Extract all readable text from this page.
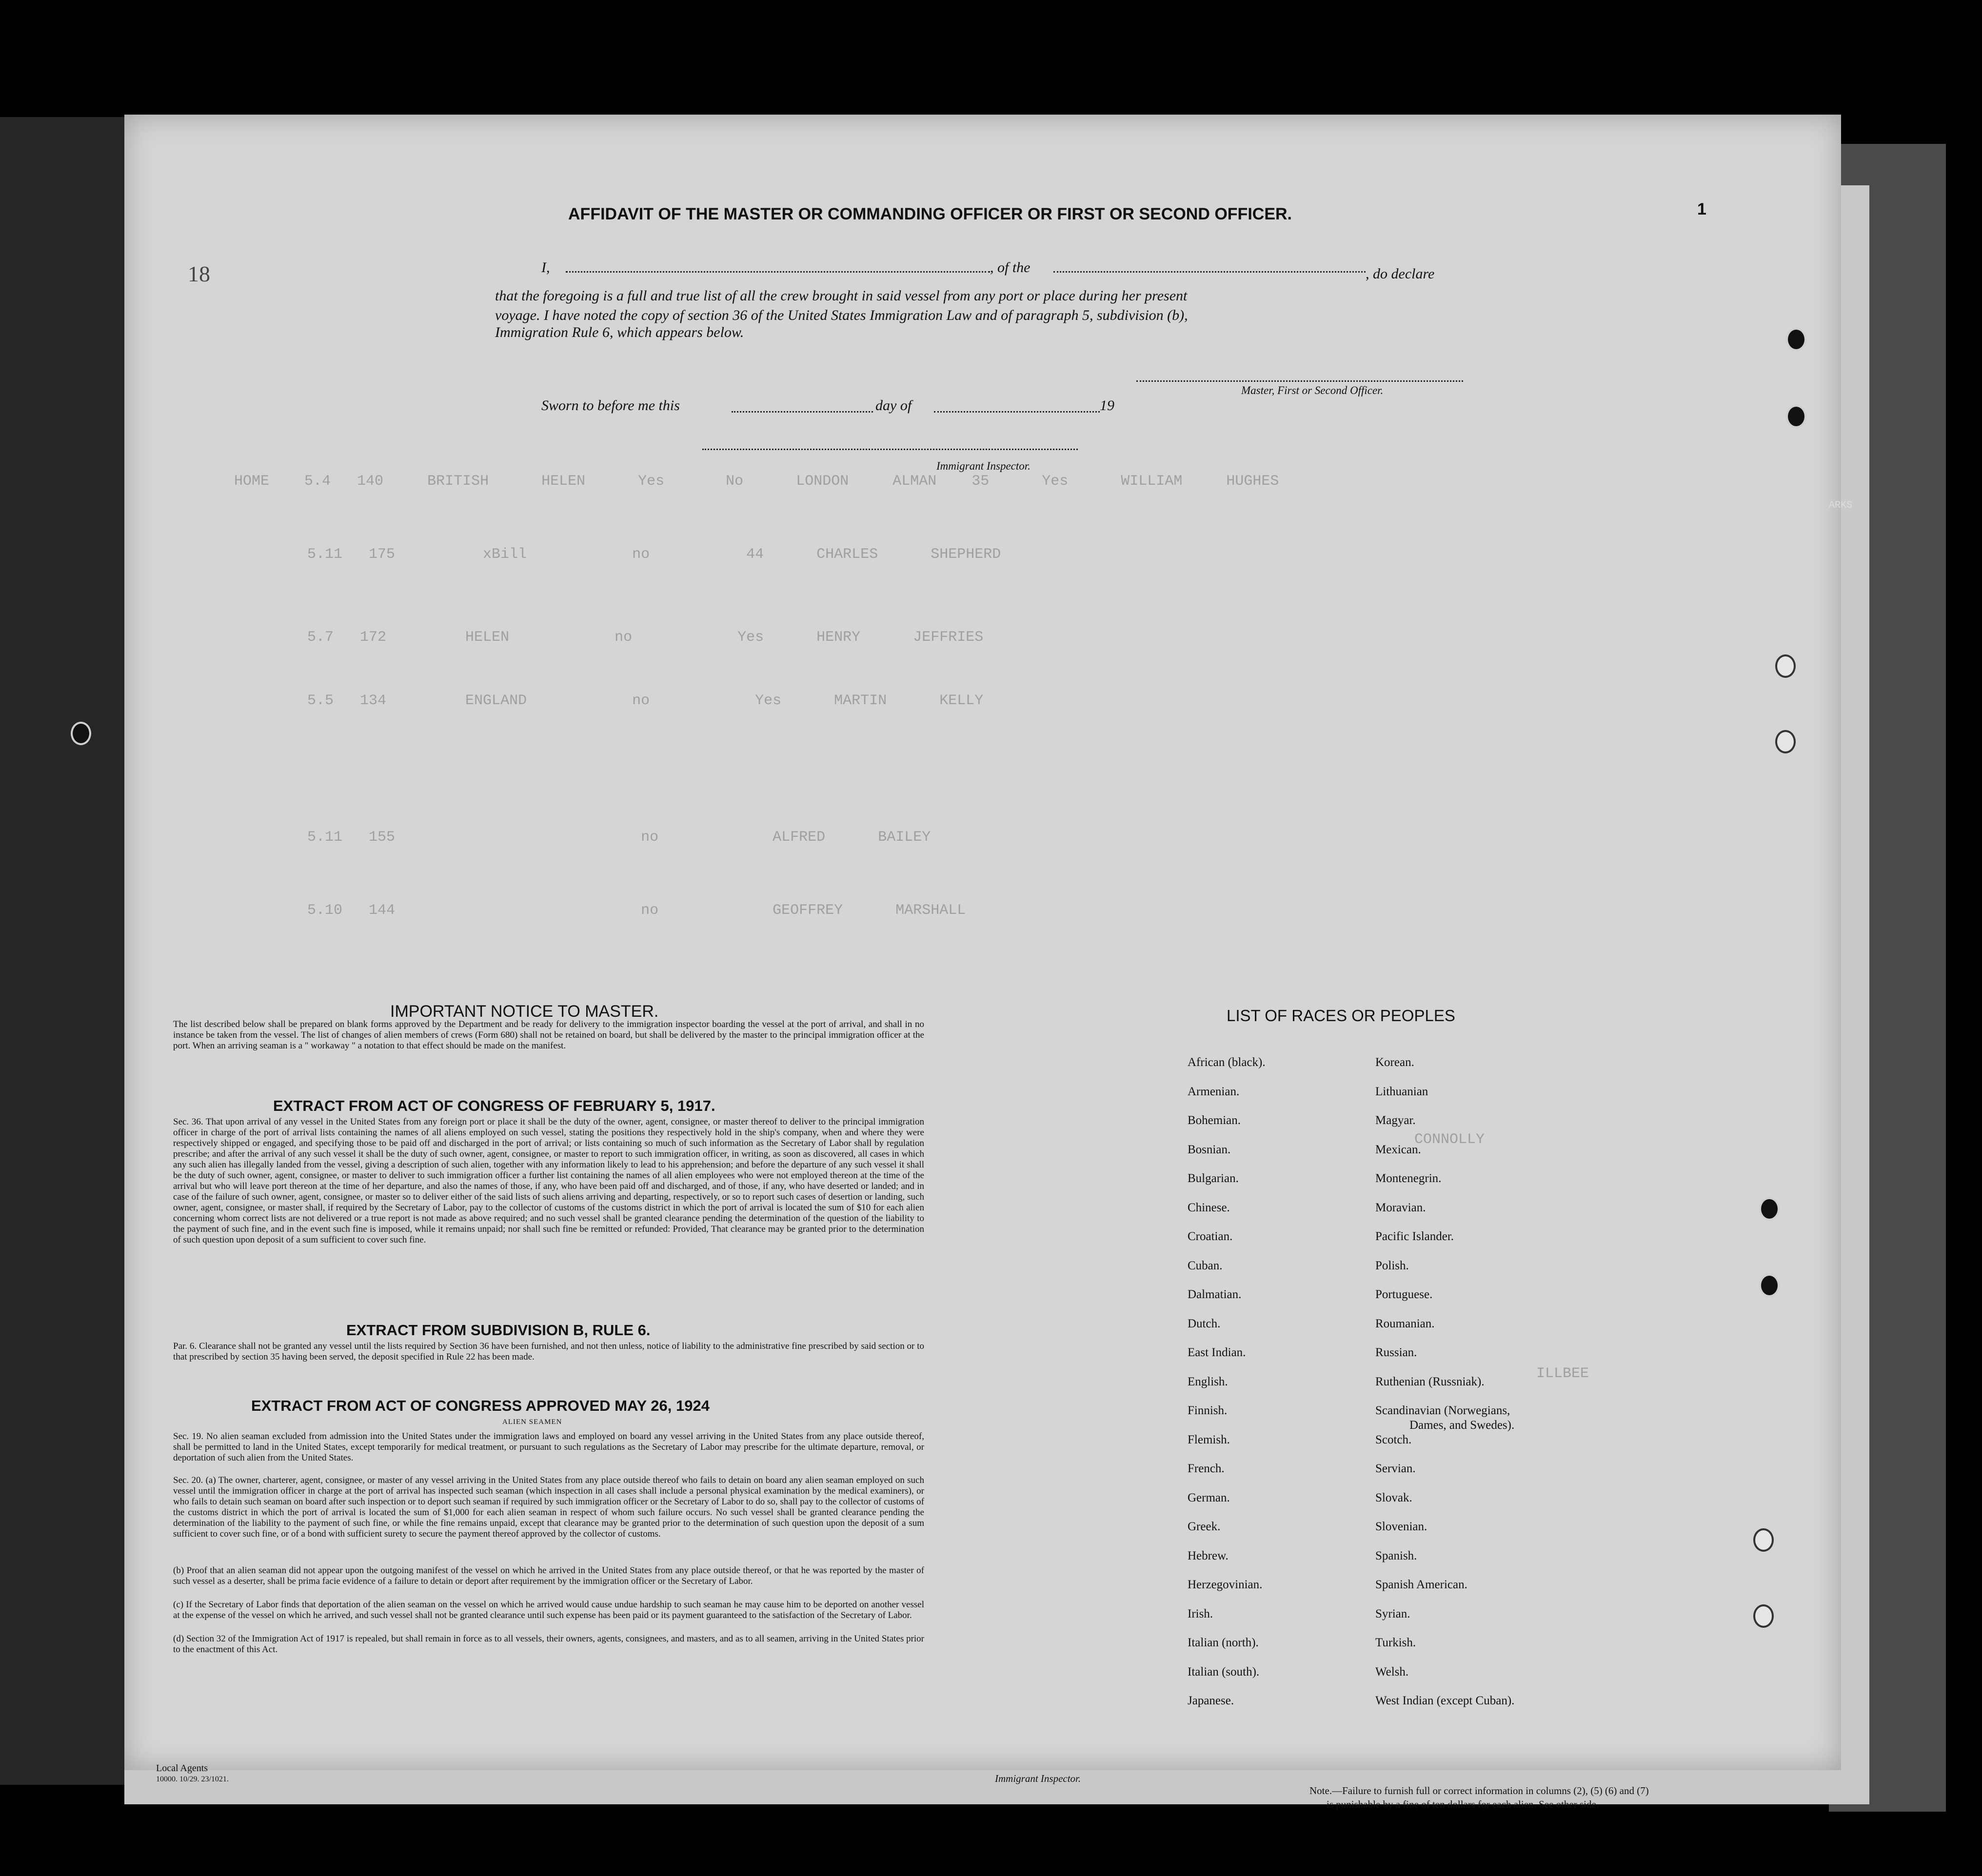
HOME    5.4   140     BRITISH      HELEN      Yes       No      LONDON     ALMAN    35      Yes      WILLIAM     HUGHES
5.11   175          xBill            no           44      CHARLES      SHEPHERD
5.7   172         HELEN            no            Yes      HENRY      JEFFRIES
5.5   134         ENGLAND            no            Yes      MARTIN      KELLY
5.11   155                            no             ALFRED      BAILEY
5.10   144                            no             GEOFFREY      MARSHALL
CONNOLLY
ILLBEE
ARKS
18
1
AFFIDAVIT OF THE MASTER OR COMMANDING OFFICER OR FIRST OR SECOND OFFICER.
I,	, of the	, do declare
that the foregoing is a full and true list of all the crew brought in said vessel from any port or place during her present
voyage. I have noted the copy of section 36 of the United States Immigration Law and of paragraph 5, subdivision (b),
Immigration Rule 6, which appears below.
Master, First or Second Officer.
Sworn to before me this	day of	19
Immigrant Inspector.
IMPORTANT NOTICE TO MASTER.
The list described below shall be prepared on blank forms approved by the Department and be ready for delivery to the immigration inspector boarding the vessel at the port of arrival, and shall in no instance be taken from the vessel. The list of changes of alien members of crews (Form 680) shall not be retained on board, but shall be delivered by the master to the principal immigration officer at the port. When an arriving seaman is a " workaway " a notation to that effect should be made on the manifest.
EXTRACT FROM ACT OF CONGRESS OF FEBRUARY 5, 1917.
Sec. 36. That upon arrival of any vessel in the United States from any foreign port or place it shall be the duty of the owner, agent, consignee, or master thereof to deliver to the principal immigration officer in charge of the port of arrival lists containing the names of all aliens employed on such vessel, stating the positions they respectively hold in the ship's company, when and where they were respectively shipped or engaged, and specifying those to be paid off and discharged in the port of arrival; or lists containing so much of such information as the Secretary of Labor shall by regulation prescribe; and after the arrival of any such vessel it shall be the duty of such owner, agent, consignee, or master to report to such immigration officer, in writing, as soon as discovered, all cases in which any such alien has illegally landed from the vessel, giving a description of such alien, together with any information likely to lead to his apprehension; and before the departure of any such vessel it shall be the duty of such owner, agent, consignee, or master to deliver to such immigration officer a further list containing the names of all alien employees who were not employed thereon at the time of the arrival but who will leave port thereon at the time of her departure, and also the names of those, if any, who have been paid off and discharged, and of those, if any, who have deserted or landed; and in case of the failure of such owner, agent, consignee, or master so to deliver either of the said lists of such aliens arriving and departing, respectively, or so to report such cases of desertion or landing, such owner, agent, consignee, or master shall, if required by the Secretary of Labor, pay to the collector of customs of the customs district in which the port of arrival is located the sum of $10 for each alien concerning whom correct lists are not delivered or a true report is not made as above required; and no such vessel shall be granted clearance pending the determination of the question of the liability to the payment of such fine, and in the event such fine is imposed, while it remains unpaid; nor shall such fine be remitted or refunded: Provided, That clearance may be granted prior to the determination of such question upon deposit of a sum sufficient to cover such fine.
EXTRACT FROM SUBDIVISION B, RULE 6.
Par. 6. Clearance shall not be granted any vessel until the lists required by Section 36 have been furnished, and not then unless, notice of liability to the administrative fine prescribed by said section or to that prescribed by section 35 having been served, the deposit specified in Rule 22 has been made.
EXTRACT FROM ACT OF CONGRESS APPROVED MAY 26, 1924
ALIEN SEAMEN
Sec. 19. No alien seaman excluded from admission into the United States under the immigration laws and employed on board any vessel arriving in the United States from any place outside thereof, shall be permitted to land in the United States, except temporarily for medical treatment, or pursuant to such regulations as the Secretary of Labor may prescribe for the ultimate departure, removal, or deportation of such alien from the United States.
Sec. 20. (a) The owner, charterer, agent, consignee, or master of any vessel arriving in the United States from any place outside thereof who fails to detain on board any alien seaman employed on such vessel until the immigration officer in charge at the port of arrival has inspected such seaman (which inspection in all cases shall include a personal physical examination by the medical examiners), or who fails to detain such seaman on board after such inspection or to deport such seaman if required by such immigration officer or the Secretary of Labor to do so, shall pay to the collector of customs of the customs district in which the port of arrival is located the sum of $1,000 for each alien seaman in respect of whom such failure occurs. No such vessel shall be granted clearance pending the determination of the liability to the payment of such fine, or while the fine remains unpaid, except that clearance may be granted prior to the determination of such question upon the deposit of a sum sufficient to cover such fine, or of a bond with sufficient surety to secure the payment thereof approved by the collector of customs.
(b) Proof that an alien seaman did not appear upon the outgoing manifest of the vessel on which he arrived in the United States from any place outside thereof, or that he was reported by the master of such vessel as a deserter, shall be prima facie evidence of a failure to detain or deport after requirement by the immigration officer or the Secretary of Labor.
(c) If the Secretary of Labor finds that deportation of the alien seaman on the vessel on which he arrived would cause undue hardship to such seaman he may cause him to be deported on another vessel at the expense of the vessel on which he arrived, and such vessel shall not be granted clearance until such expense has been paid or its payment guaranteed to the satisfaction of the Secretary of Labor.
(d) Section 32 of the Immigration Act of 1917 is repealed, but shall remain in force as to all vessels, their owners, agents, consignees, and masters, and as to all seamen, arriving in the United States prior to the enactment of this Act.
LIST OF RACES OR PEOPLES
African (black).
Armenian.
Bohemian.
Bosnian.
Bulgarian.
Chinese.
Croatian.
Cuban.
Dalmatian.
Dutch.
East Indian.
English.
Finnish.
Flemish.
French.
German.
Greek.
Hebrew.
Herzegovinian.
Irish.
Italian (north).
Italian (south).
Japanese.
Korean.
Lithuanian
Magyar.
Mexican.
Montenegrin.
Moravian.
Pacific Islander.
Polish.
Portuguese.
Roumanian.
Russian.
Ruthenian (Russniak).
Scandinavian (Norwegians,
Dames, and Swedes).
Scotch.
Servian.
Slovak.
Slovenian.
Spanish.
Spanish American.
Syrian.
Turkish.
Welsh.
West Indian (except Cuban).
Local Agents
10000. 10/29. 23/1021.	Immigrant Inspector.
Note.—Failure to furnish full or correct information in columns (2), (5) (6) and (7)
is punishable by a fine of ten dollars for each alien. See other side.
